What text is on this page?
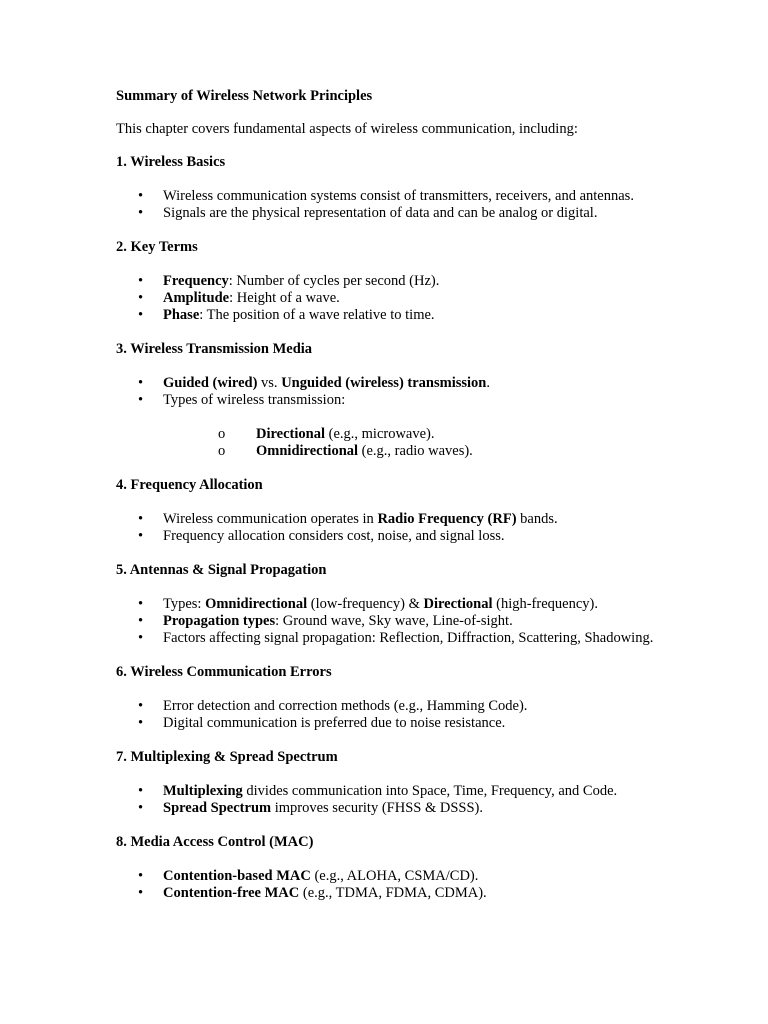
Summary of Wireless Network Principles

This chapter covers fundamental aspects of wireless communication, including:

1. Wireless Basics

• Wireless communication systems consist of transmitters, receivers, and antennas.
• Signals are the physical representation of data and can be analog or digital.

2. Key Terms

• Frequency: Number of cycles per second (Hz).
• Amplitude: Height of a wave.
• Phase: The position of a wave relative to time.

3. Wireless Transmission Media

• Guided (wired) vs. Unguided (wireless) transmission.
• Types of wireless transmission:
o Directional (e.g., microwave).
o Omnidirectional (e.g., radio waves).

4. Frequency Allocation

• Wireless communication operates in Radio Frequency (RF) bands.
• Frequency allocation considers cost, noise, and signal loss.

5. Antennas & Signal Propagation

• Types: Omnidirectional (low-frequency) & Directional (high-frequency).
• Propagation types: Ground wave, Sky wave, Line-of-sight.
• Factors affecting signal propagation: Reflection, Diffraction, Scattering, Shadowing.

6. Wireless Communication Errors

• Error detection and correction methods (e.g., Hamming Code).
• Digital communication is preferred due to noise resistance.

7. Multiplexing & Spread Spectrum

• Multiplexing divides communication into Space, Time, Frequency, and Code.
• Spread Spectrum improves security (FHSS & DSSS).

8. Media Access Control (MAC)

• Contention-based MAC (e.g., ALOHA, CSMA/CD).
• Contention-free MAC (e.g., TDMA, FDMA, CDMA).
